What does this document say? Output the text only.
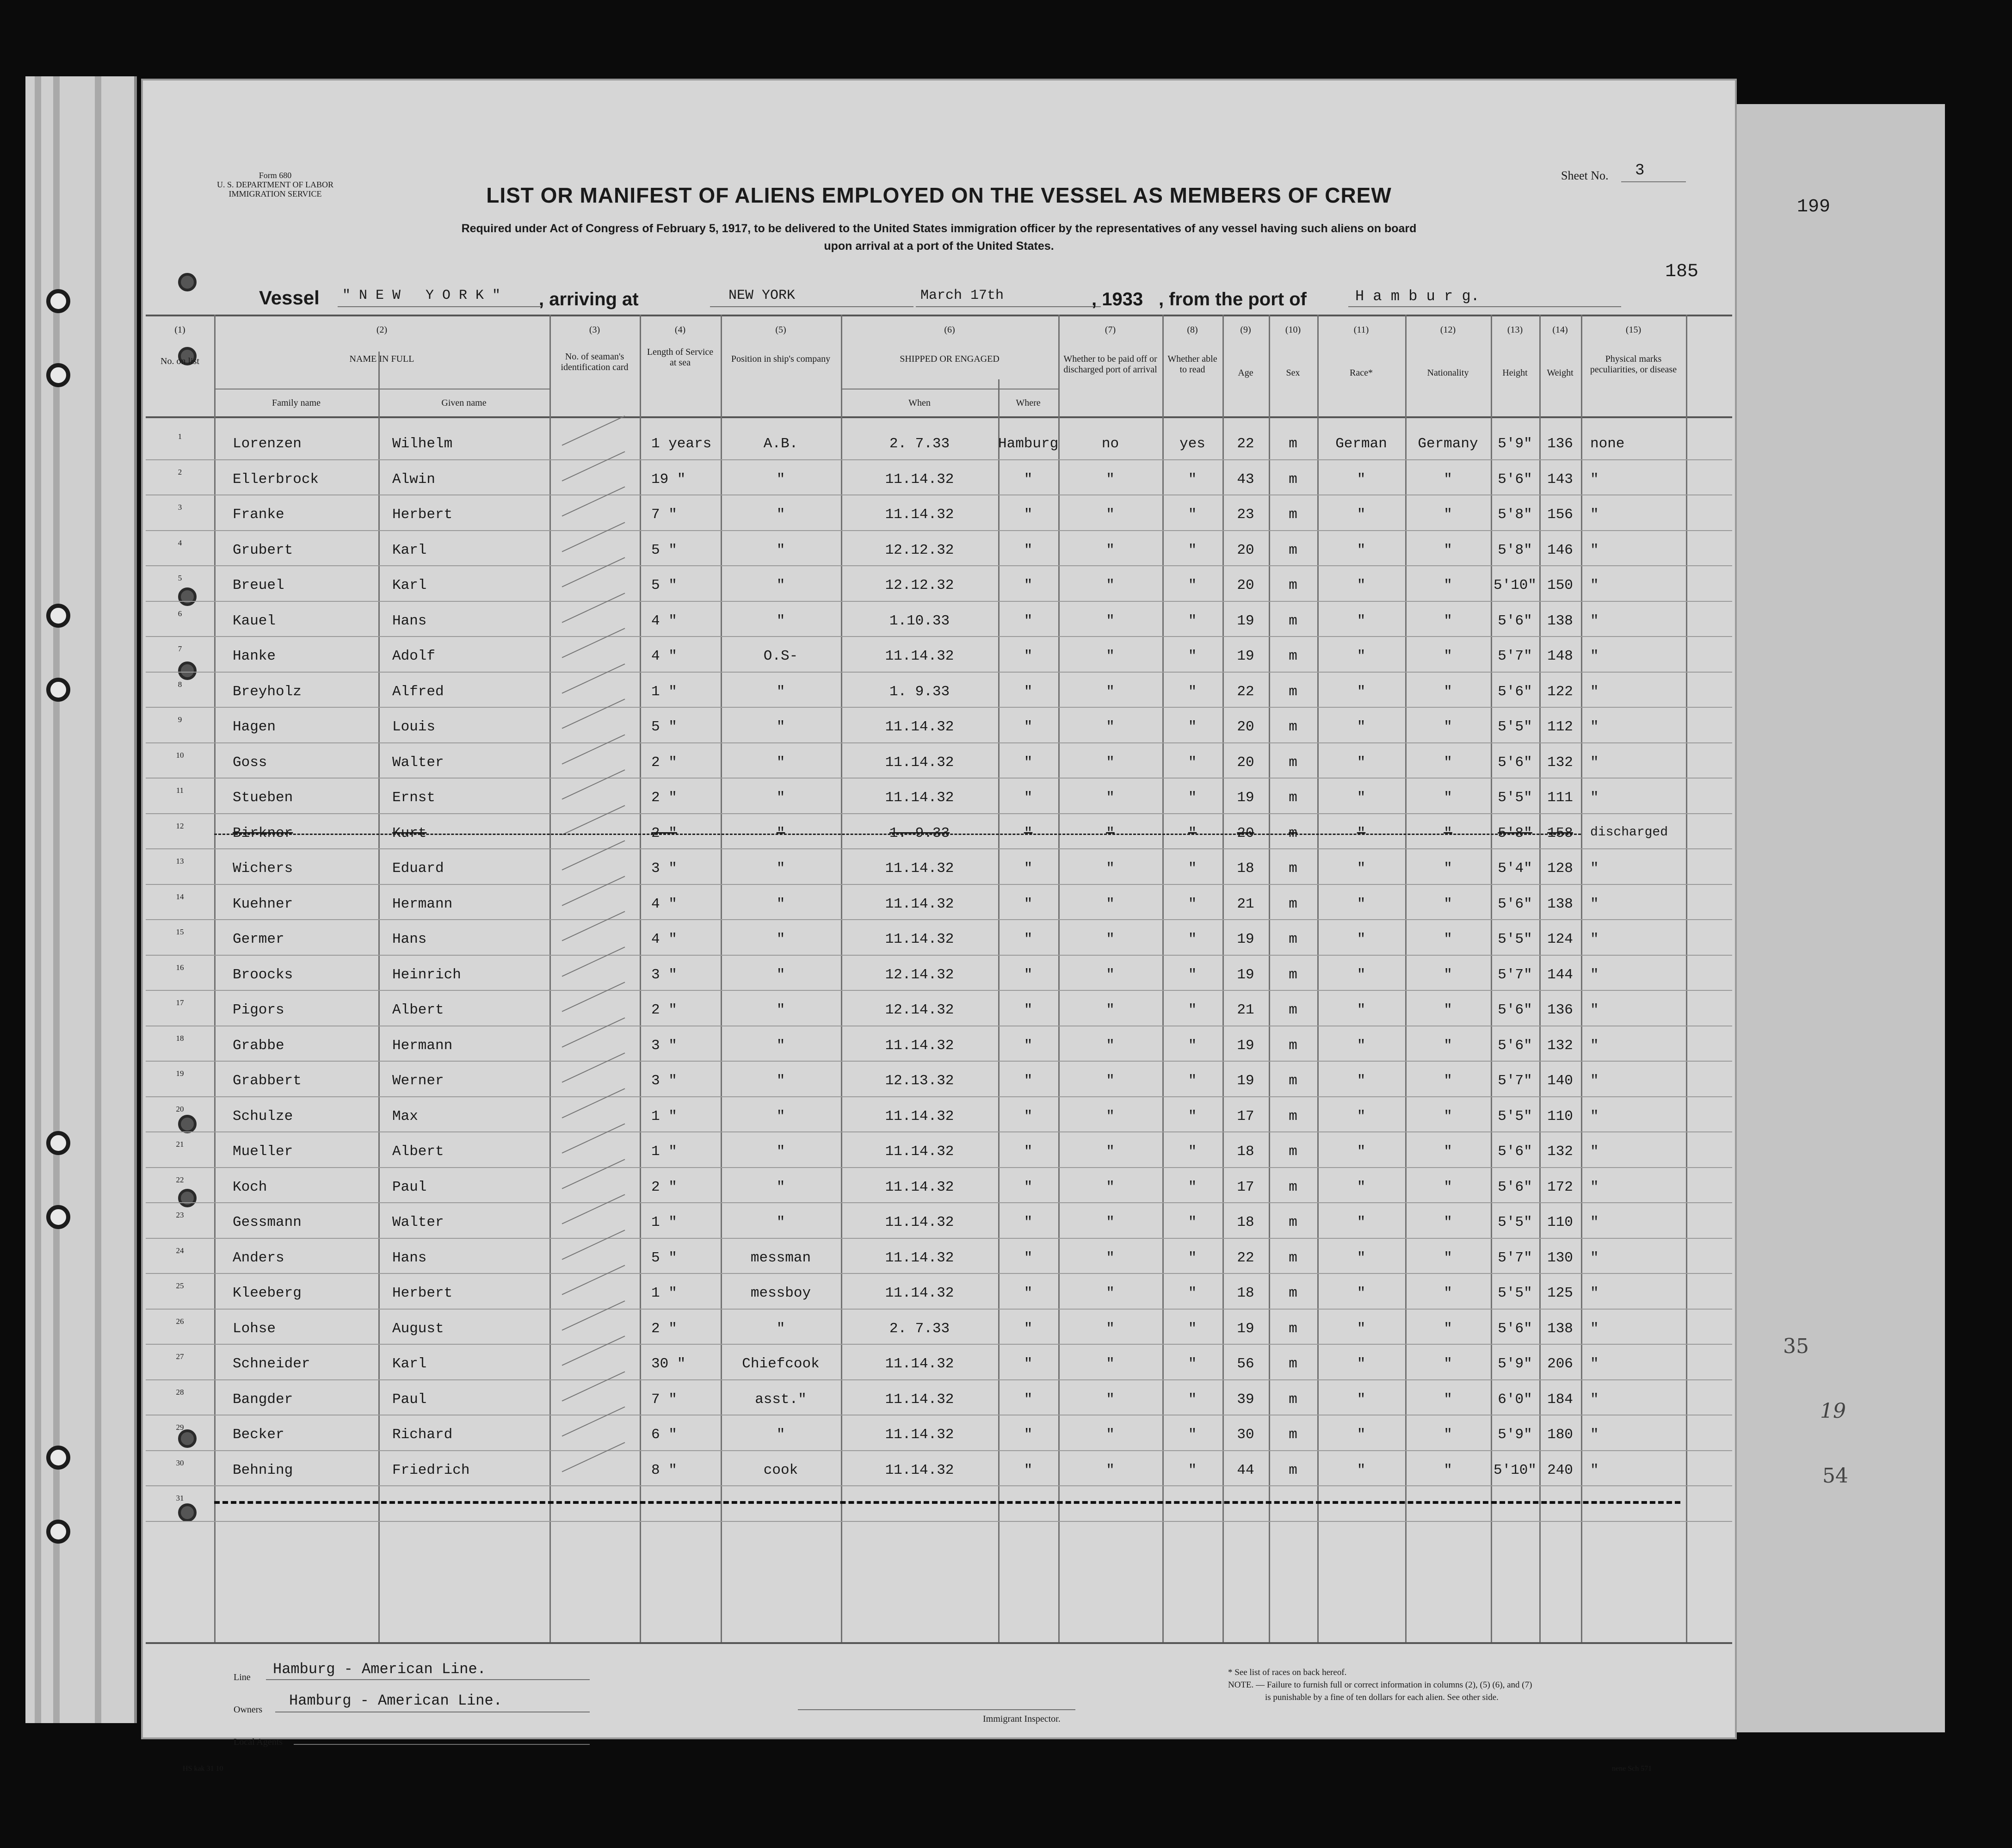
199
35
19
54
Form 680
U. S. DEPARTMENT OF LABOR
IMMIGRATION SERVICE
Sheet No. 3
185
LIST OR MANIFEST OF ALIENS EMPLOYED ON THE VESSEL AS MEMBERS OF CREW
Required under Act of Congress of February 5, 1917, to be delivered to the United States immigration officer by the representatives of any vessel having such aliens on board
upon arrival at a port of the United States.
Vessel " N E W   Y O R K " , arriving at	NEW YORK	March 17th	, 1933 , from the port of	H a m b u r g.
(1)
No. on list
(2)
NAME IN FULL
(3)
No. of seaman's identification card
(4)
Length of Service at sea
(5)
Position in ship's company
(6)
SHIPPED OR ENGAGED
(7)
Whether to be paid off or discharged port of arrival
(8)
Whether able to read
(9)
Age
(10)
Sex
(11)
Race*
(12)
Nationality
(13)
Height
(14)
Weight
(15)
Physical marks peculiarities, or disease
Family name	Given name	When	Where
1	Lorenzen	Wilhelm	1 years	A.B.	2. 7.33	Hamburg	no	yes	22	m	German	Germany	5'9"	136	none
2	Ellerbrock	Alwin	19 "	"	11.14.32	"	"	"	43	m	"	"	5'6"	143	"
3	Franke	Herbert	7 "	"	11.14.32	"	"	"	23	m	"	"	5'8"	156	"
4	Grubert	Karl	5 "	"	12.12.32	"	"	"	20	m	"	"	5'8"	146	"
5	Breuel	Karl	5 "	"	12.12.32	"	"	"	20	m	"	"	5'10" 150	"
6	Kauel	Hans	4 "	"	1.10.33	"	"	"	19	m	"	"	5'6"	138	"
7	Hanke	Adolf	4 "	O.S-	11.14.32	"	"	"	19	m	"	"	5'7"	148	"
8	Breyholz	Alfred	1 "	"	1. 9.33	"	"	"	22	m	"	"	5'6"	122	"
9	Hagen	Louis	5 "	"	11.14.32	"	"	"	20	m	"	"	5'5"	112	"
10	Goss	Walter	2 "	"	11.14.32	"	"	"	20	m	"	"	5'6"	132	"
11	Stueben	Ernst	2 "	"	11.14.32	"	"	"	19	m	"	"	5'5"	111	"
12	Birkner	Kurt	2 "	"	1. 9.33	"	"	"	20	m	"	"	5'8"	158	discharged
13	Wichers	Eduard	3 "	"	11.14.32	"	"	"	18	m	"	"	5'4"	128	"
14	Kuehner	Hermann	4 "	"	11.14.32	"	"	"	21	m	"	"	5'6"	138	"
15	Germer	Hans	4 "	"	11.14.32	"	"	"	19	m	"	"	5'5"	124	"
16	Broocks	Heinrich	3 "	"	12.14.32	"	"	"	19	m	"	"	5'7"	144	"
17	Pigors	Albert	2 "	"	12.14.32	"	"	"	21	m	"	"	5'6"	136	"
18	Grabbe	Hermann	3 "	"	11.14.32	"	"	"	19	m	"	"	5'6"	132	"
19	Grabbert	Werner	3 "	"	12.13.32	"	"	"	19	m	"	"	5'7"	140	"
20	Schulze	Max	1 "	"	11.14.32	"	"	"	17	m	"	"	5'5"	110	"
21	Mueller	Albert	1 "	"	11.14.32	"	"	"	18	m	"	"	5'6"	132	"
22	Koch	Paul	2 "	"	11.14.32	"	"	"	17	m	"	"	5'6"	172	"
23	Gessmann	Walter	1 "	"	11.14.32	"	"	"	18	m	"	"	5'5"	110	"
24	Anders	Hans	5 "	messman	11.14.32	"	"	"	22	m	"	"	5'7"	130	"
25	Kleeberg	Herbert	1 "	messboy	11.14.32	"	"	"	18	m	"	"	5'5"	125	"
26	Lohse	August	2 "	"	2. 7.33	"	"	"	19	m	"	"	5'6"	138	"
27	Schneider	Karl	30 "	Chiefcook	11.14.32	"	"	"	56	m	"	"	5'9"	206	"
28	Bangder	Paul	7 "	asst."	11.14.32	"	"	"	39	m	"	"	6'0"	184	"
29	Becker	Richard	6 "	"	11.14.32	"	"	"	30	m	"	"	5'9"	180	"
30	Behning	Friedrich	8 "	cook	11.14.32	"	"	"	44	m	"	"	5'10" 240	"
31
Line Hamburg - American Line.
Owners
Hamburg - American Line.
Local Agents
Immigrant Inspector.
* See list of races on back hereof.
NOTE. — Failure to furnish full or correct information in columns (2), (5) (6), and (7)
is punishable by a fine of ten dollars for each alien. See other side.
HS kak 31 10	nene Sch 571
